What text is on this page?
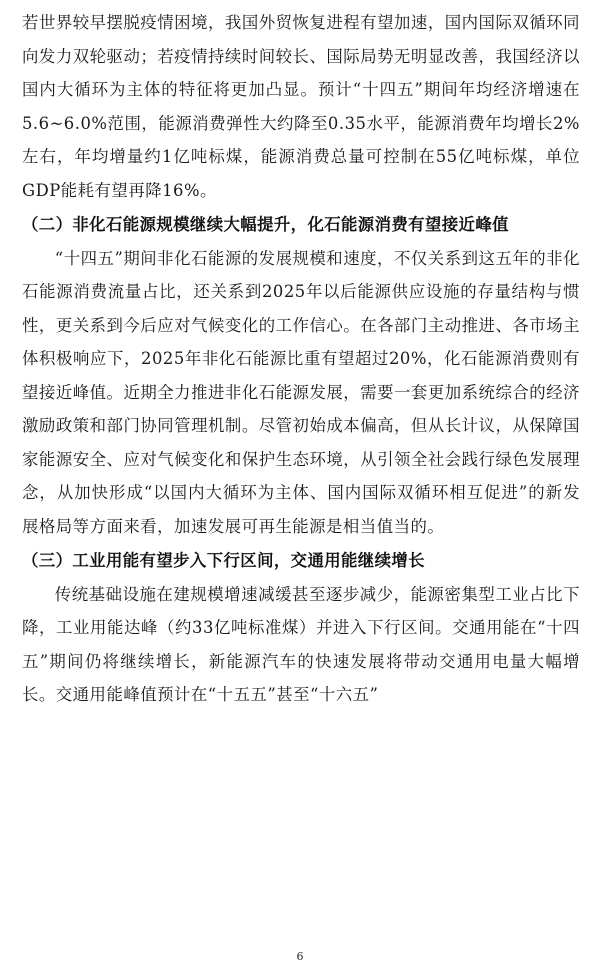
若世界较早摆脱疫情困境，我国外贸恢复进程有望加速，国内国际双循环同向发力双轮驱动；若疫情持续时间较长、国际局势无明显改善，我国经济以国内大循环为主体的特征将更加凸显。预计“十四五”期间年均经济增速在5.6~6.0%范围，能源消费弹性大约降至0.35水平，能源消费年均增长2%左右，年均增量约1亿吨标煤，能源消费总量可控制在55亿吨标煤，单位GDP能耗有望再降16%。

（二）非化石能源规模继续大幅提升，化石能源消费有望接近峰值

“十四五”期间非化石能源的发展规模和速度，不仅关系到这五年的非化石能源消费流量占比，还关系到2025年以后能源供应设施的存量结构与惯性，更关系到今后应对气候变化的工作信心。在各部门主动推进、各市场主体积极响应下，2025年非化石能源比重有望超过20%，化石能源消费则有望接近峰值。近期全力推进非化石能源发展，需要一套更加系统综合的经济激励政策和部门协同管理机制。尽管初始成本偏高，但从长计议，从保障国家能源安全、应对气候变化和保护生态环境，从引领全社会践行绿色发展理念，从加快形成“以国内大循环为主体、国内国际双循环相互促进”的新发展格局等方面来看，加速发展可再生能源是相当值当的。

（三）工业用能有望步入下行区间，交通用能继续增长

传统基础设施在建规模增速减缓甚至逐步减少，能源密集型工业占比下降，工业用能达峰（约33亿吨标准煤）并进入下行区间。交通用能在“十四五”期间仍将继续增长，新能源汽车的快速发展将带动交通用电量大幅增长。交通用能峰值预计在“十五五”甚至“十六五”

6
